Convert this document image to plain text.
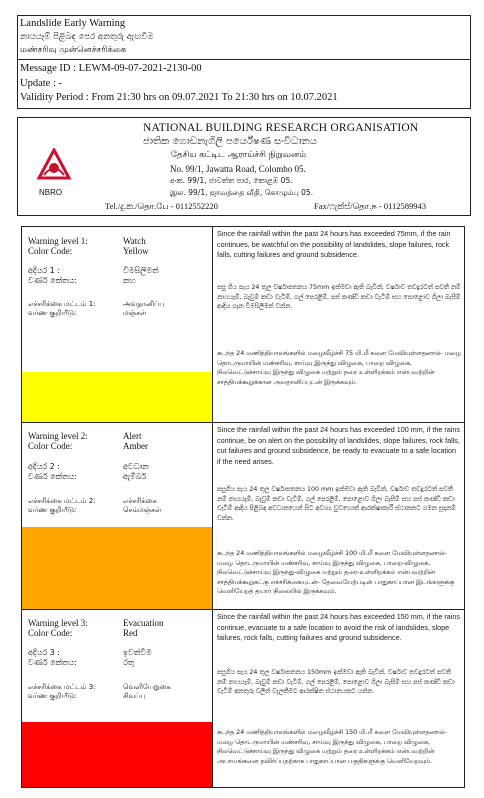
Landslide Early Warning
නායයෑම් පිළිබඳ පෙර අනතුරු ඇඟවීම
மண்சரிவு முன்னெச்சரிக்கை
Message ID : LEWM-09-07-2021-2130-00
Update : -
Validity Period : From 21:30 hrs on 09.07.2021 To 21:30 hrs on 10.07.2021
NBRO
NATIONAL BUILDING RESEARCH ORGANISATION
ජාතික ගොඩනැගිලි පර්යේෂණ සංවිධානය
தேசிய கட்டிட ஆராய்ச்சி நிறுவனம்
No. 99/1, Jawatta Road, Colombo 05.
අංක. 99/1, ජාවත්ත පාර, කොළඹ 05.
இல. 99/1, ஜாவத்தை வீதி, கொழும்பு 05.
Tel./දු.ක./தொ.பே - 0112552220	Fax/ෆැක්ස්/தொ.ந - 0112589943
Warning level 1:	Watch
Color Code:	Yellow
අදියර 1 :	විමසිලිමත්
වර්ණ කේතය:	කහ
எச்சரிக்கை மட்டம் 1:	அவதானிப்பு
வர்ண குறியீடு:	மஞ்சள்
Since the rainfall within the past 24 hours has exceeded 75mm, if the rain continues, be watchful on the possibility of landslides, slope failures, rock falls, cutting failures and ground subsidence.
පසු ගිය පැය 24 තුල වර්ෂාපතනය 75mm ඉක්මවා ඇති බැවින්, වර්ෂාව තවදුරටත් පවතී නම් නායයෑම්, බෑවුම් කඩා වැටීම්, ගල් පෙරළීම්, පස් කණ්ඩි කඩා වැටීම් සහ පොළොව ගිලා බැසීම් ආදිය ගැන විමසිලිමත් වන්න.
கடந்த 24 மணித்தியாலங்களில் மழைவீழ்ச்சி 75 மி.மீ களை மேவியுள்ளதனால்- மழை தொடருமாயின் மண்சரிவு, சாய்வு இருந்து விழுகை, பாறை விழுகை, நிலவெட்டுச்சாய்வு இருந்து விழுகை மற்றும் தரை உள்ளிறக்கம் என்பவற்றின் சாத்தியக்கூறுக்கான அவதானிப்புடன் இருக்கவும்.
Warning level 2:	Alert
Color Code:	Amber
අදියර 2 :	අවධාන
වර්ණ කේතය:	ඇම්බර්
எச்சரிக்கை மட்டம் 2:	எச்சரிக்கை
வர்ண குறியீடு:	செம்மஞ்சள்
Since the rainfall within the past 24 hours has exceeded 100 mm, if the rains continue, be on alert on the possibility of landslides, slope failures, rock falls, cut failures and ground subsidence, be ready to evacuate to a safe location if the need arises.
පසුගිය පැය 24 තුල වර්ෂාපතනය 100 mm ඉක්මවා ඇති බැවින්, වර්ෂාව තවදුරටත් පවතී නම් නායයෑම්, බෑවුම් කඩා වැටීම්, ගල් පෙරළීම්, පොළොව ගිලා බැසීම් සහ පස් කණ්ඩි කඩා වැටීම් ආදිය පිළිබඳ අවධානයෙන් සිට අවශ්‍ය වුවහොත් ආරක්ෂාකාරී ස්ථානකට ගමන සූදානම් වන්න.
கடந்த 24 மணித்தியாலங்களில் மழைவீழ்ச்சி 100 மி.மீ களை மேவியுள்ளதனால்- மழை தொடருமாயின் மண்சரிவு, சாய்வு இருந்து விழுகை, பாறை-விழுகை, நிலவெட்டுச்சாய்வு இருந்து-விழுகை மற்றும் தரை-உள்ளிறக்கம் என்பவற்றின் சாத்தியக்கூறுகட்கு எச்சரிக்கையுடன்- தேவையேற்படின் பாதுகாப்பான இடங்களுக்கு வெளியேறத் தயார் நிலையில் இருக்கவும்.
Warning level 3:	Evacuation
Color Code:	Red
අදියර 3 :	ඉවත්වීම
වර්ණ කේතය:	රතු
எச்சரிக்கை மட்டம் 3:	வெளியேறுகை
வர்ண குறியீடு:	சிவப்பு
Since the rainfall within the past 24 hours has exceeded 150 mm, if the rains continue, evacuate to a safe location to avoid the risk of landslides, slope failures, rock falls, cutting failures and ground subsidence.
පසුගිය පැය 24 තුල වර්ෂාපතනය 150mm ඉක්මවා ඇති බැවින්, වර්ෂාව තවදුරටත් පවතී නම් නායයෑම්, බෑවුම් කඩා වැටීම්, ගල් පෙරළීම්, පොළොව ගිලා බැසීම් සහ පස් කණ්ඩි කඩා වැටීම් අනතුරු වලින් වැලකීමට ආරක්ෂිත ස්ථානයකට යන්න.
கடந்த 24 மணித்தியாலங்களில் மழைவீழ்ச்சி 150 மி.மீ களை மேவியுள்ளதனால்- மழை தொடருமாயின் மண்சரிவு, சாய்வு இருந்து விழுகை, பாறை விழுகை, நிலவெட்டுச்சாய்வு இருந்து விழுகை மற்றும் தரை உள்ளிறக்கம் என்பவற்றின் அபாயங்களை தவிர்ப்பதற்காக பாதுகாப்பான பகுதிகளுக்கு வெளியேறவும்.
